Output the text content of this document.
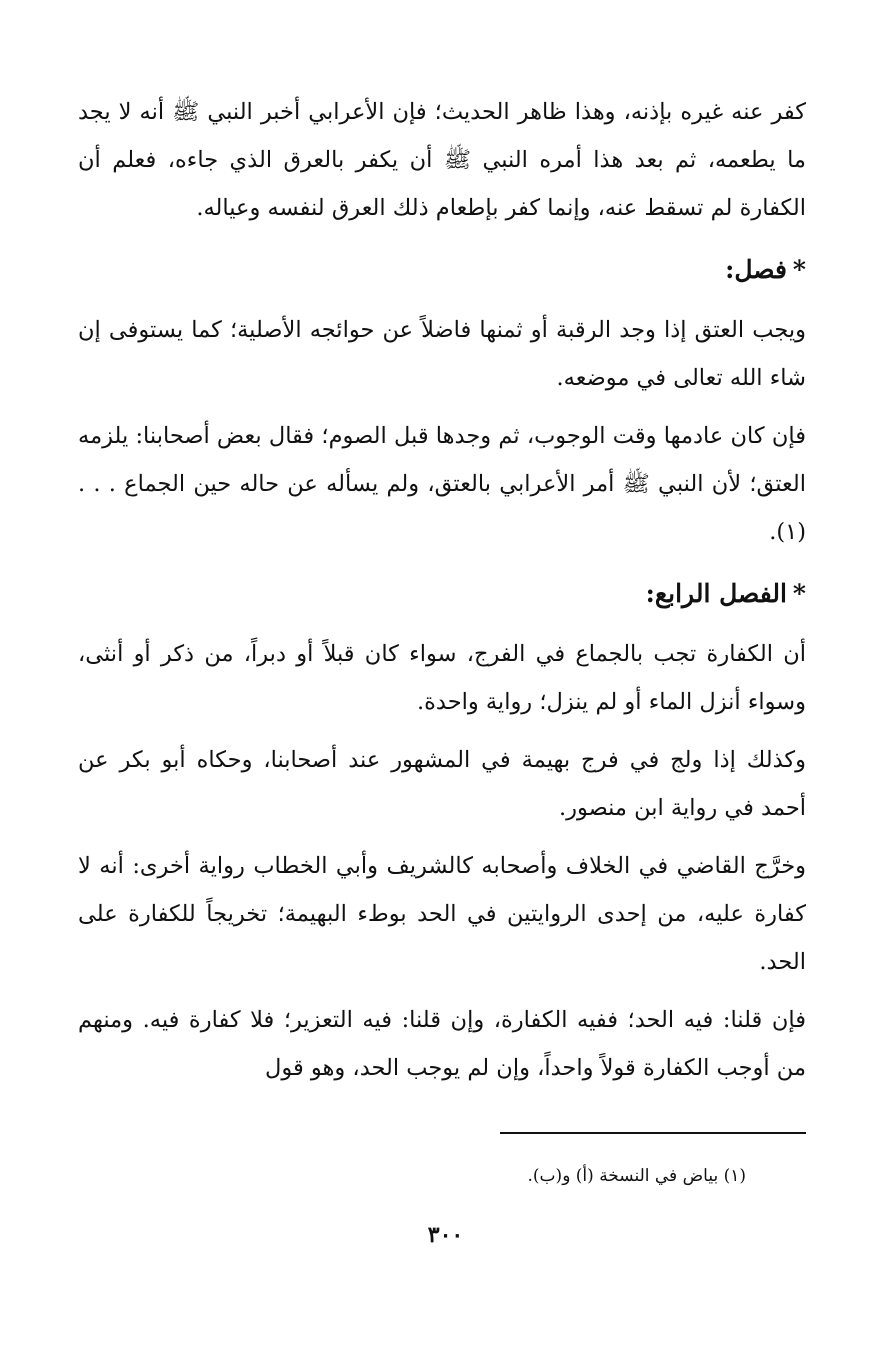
كفر عنه غيره بإذنه، وهذا ظاهر الحديث؛ فإن الأعرابي أخبر النبي ﷺ أنه لا يجد ما يطعمه، ثم بعد هذا أمره النبي ﷺ أن يكفر بالعرق الذي جاءه، فعلم أن الكفارة لم تسقط عنه، وإنما كفر بإطعام ذلك العرق لنفسه وعياله.

*فصل:

ويجب العتق إذا وجد الرقبة أو ثمنها فاضلاً عن حوائجه الأصلية؛ كما يستوفى إن شاء الله تعالى في موضعه.

فإن كان عادمها وقت الوجوب، ثم وجدها قبل الصوم؛ فقال بعض أصحابنا: يلزمه العتق؛ لأن النبي ﷺ أمر الأعرابي بالعتق، ولم يسأله عن حاله حين الجماع . . .(١).

*الفصل الرابع:

أن الكفارة تجب بالجماع في الفرج، سواء كان قبلاً أو دبراً، من ذكر أو أنثى، وسواء أنزل الماء أو لم ينزل؛ رواية واحدة.

وكذلك إذا ولج في فرج بهيمة في المشهور عند أصحابنا، وحكاه أبو بكر عن أحمد في رواية ابن منصور.

وخرَّج القاضي في الخلاف وأصحابه كالشريف وأبي الخطاب رواية أخرى: أنه لا كفارة عليه، من إحدى الروايتين في الحد بوطء البهيمة؛ تخريجاً للكفارة على الحد.

فإن قلنا: فيه الحد؛ ففيه الكفارة، وإن قلنا: فيه التعزير؛ فلا كفارة فيه. ومنهم من أوجب الكفارة قولاً واحداً، وإن لم يوجب الحد، وهو قول

(١) بياض في النسخة (أ) و(ب).
٣٠٠
